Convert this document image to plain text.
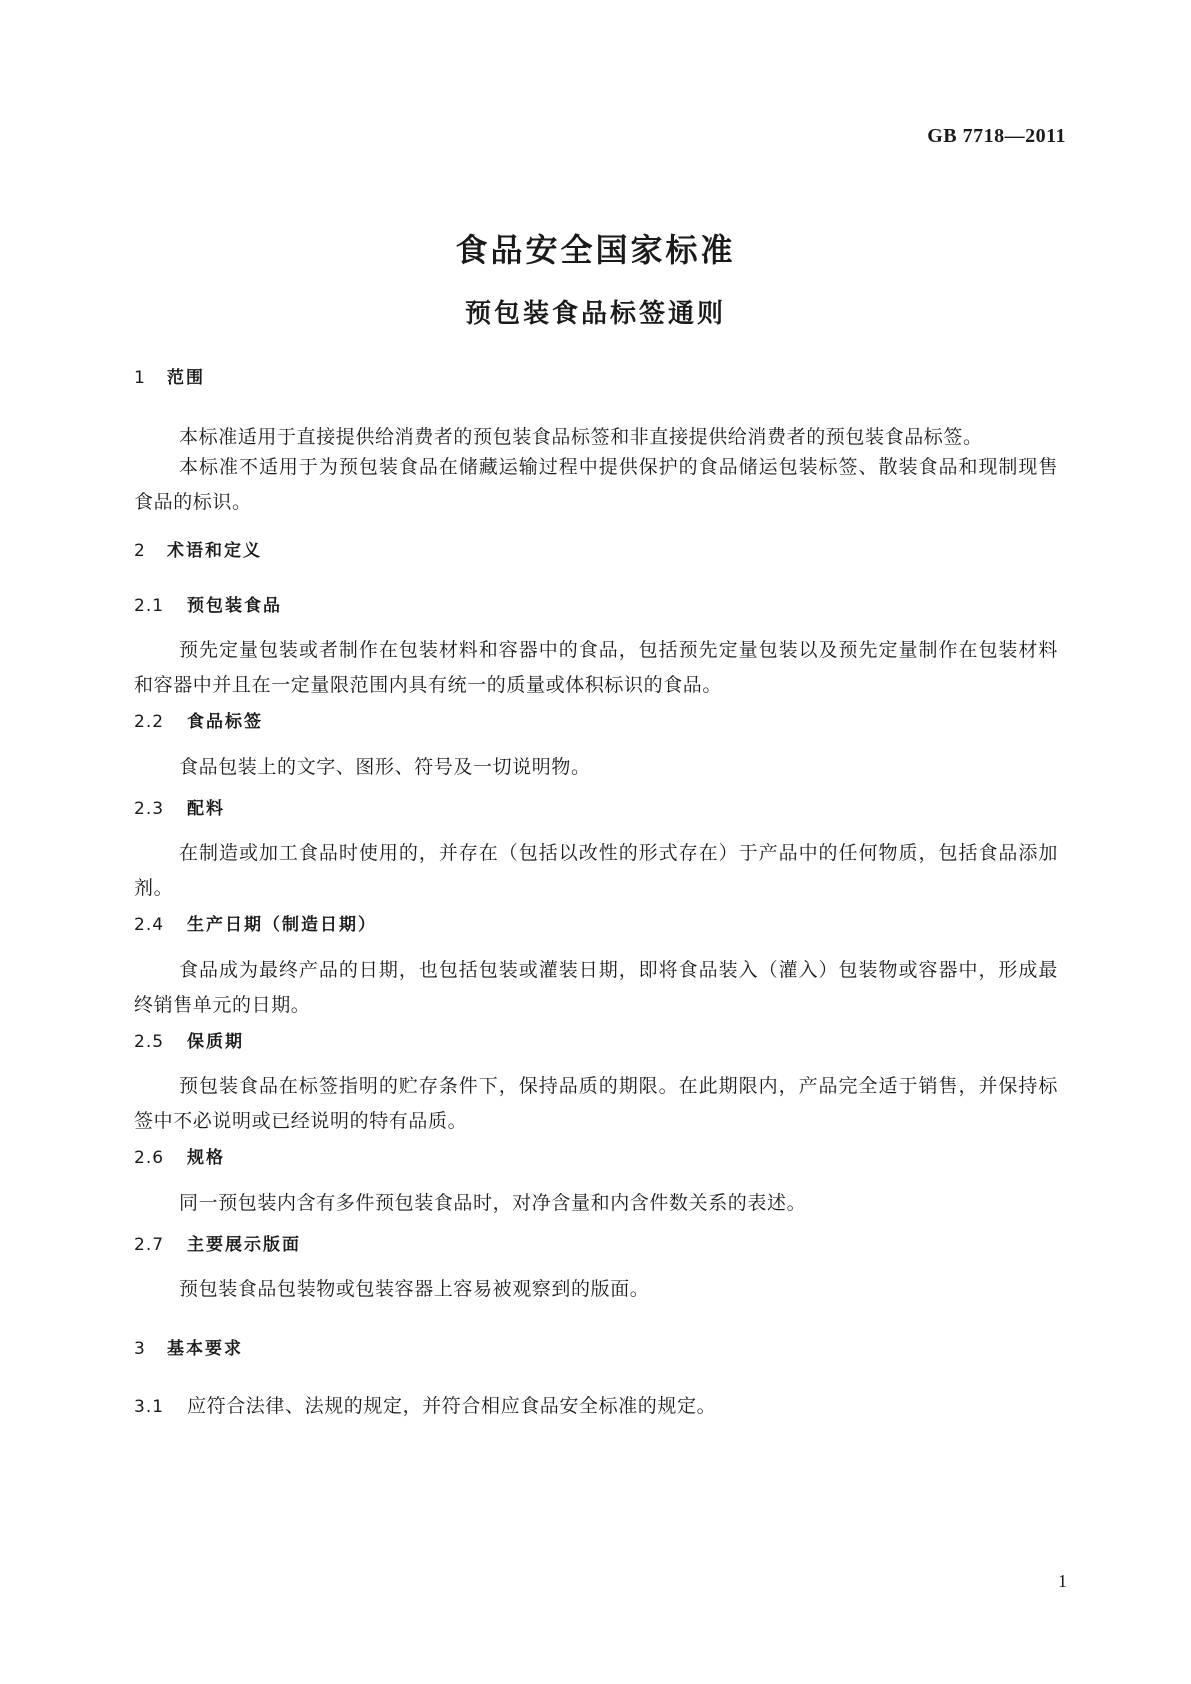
GB 7718—2011
食品安全国家标准
预包装食品标签通则
1 范围

本标准适用于直接提供给消费者的预包装食品标签和非直接提供给消费者的预包装食品标签。

本标准不适用于为预包装食品在储藏运输过程中提供保护的食品储运包装标签、散装食品和现制现售食品的标识。

2 术语和定义
2.1 预包装食品

预先定量包装或者制作在包装材料和容器中的食品，包括预先定量包装以及预先定量制作在包装材料和容器中并且在一定量限范围内具有统一的质量或体积标识的食品。

2.2 食品标签

食品包装上的文字、图形、符号及一切说明物。

2.3 配料

在制造或加工食品时使用的，并存在（包括以改性的形式存在）于产品中的任何物质，包括食品添加剂。

2.4 生产日期（制造日期）

食品成为最终产品的日期，也包括包装或灌装日期，即将食品装入（灌入）包装物或容器中，形成最终销售单元的日期。

2.5 保质期

预包装食品在标签指明的贮存条件下，保持品质的期限。在此期限内，产品完全适于销售，并保持标签中不必说明或已经说明的特有品质。

2.6 规格

同一预包装内含有多件预包装食品时，对净含量和内含件数关系的表述。

2.7 主要展示版面

预包装食品包装物或包装容器上容易被观察到的版面。

3 基本要求
3.1 应符合法律、法规的规定，并符合相应食品安全标准的规定。
1
